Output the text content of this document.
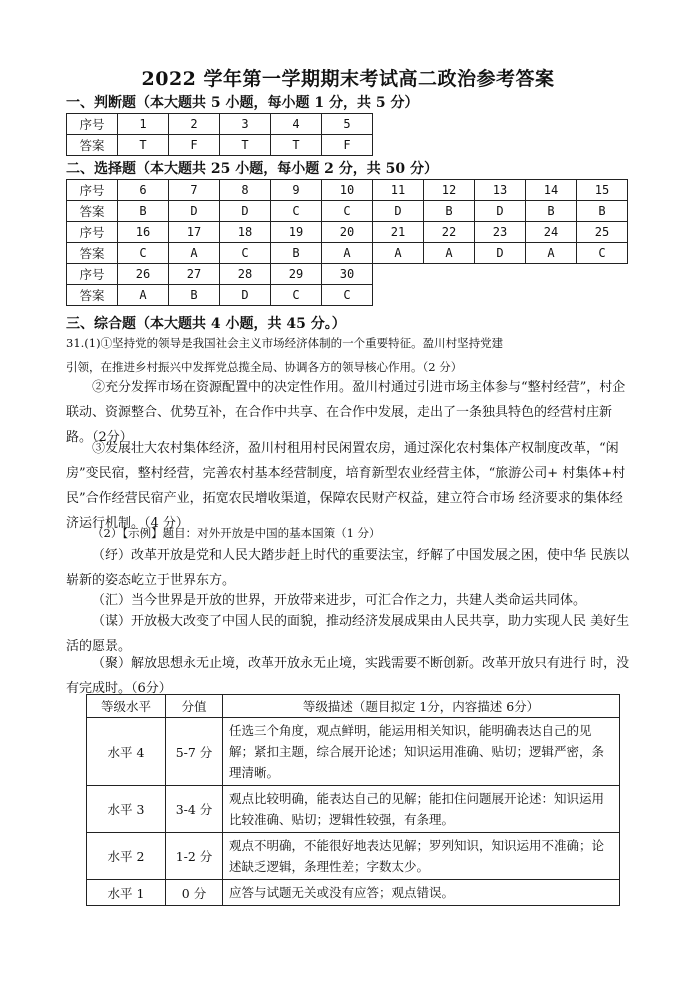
2022 学年第一学期期末考试高二政治参考答案
一、判断题（本大题共 5 小题，每小题 1 分，共 5 分）
序号	1	2	3	4	5
答案	T	F	T	T	F
二、选择题（本大题共 25 小题，每小题 2 分，共 50 分）
序号	6	7	8	9	10	11	12	13	14	15
答案	B	D	D	C	C	D	B	D	B	B
序号	16	17	18	19	20	21	22	23	24	25
答案	C	A	C	B	A	A	A	D	A	C
序号	26	27	28	29	30					
答案	A	B	D	C	C					
三、综合题（本大题共 4 小题，共 45 分。）
31.(1)①坚持党的领导是我国社会主义市场经济体制的一个重要特征。盈川村坚持党建
引领，在推进乡村振兴中发挥党总揽全局、协调各方的领导核心作用。（2 分）
②充分发挥市场在资源配置中的决定性作用。盈川村通过引进市场主体参与“整村经营”，村企联动、资源整合、优势互补，在合作中共享、在合作中发展，走出了一条独具特色的经营村庄新路。（2分）
③发展壮大农村集体经济，盈川村租用村民闲置农房，通过深化农村集体产权制度改革，“闲房”变民宿，整村经营，完善农村基本经营制度，培育新型农业经营主体，“旅游公司+ 村集体+村民”合作经营民宿产业，拓宽农民增收渠道，保障农民财产权益，建立符合市场 经济要求的集体经济运行机制。（4 分）
（2）【示例】题目：对外开放是中国的基本国策（1 分）
（纾）改革开放是党和人民大踏步赶上时代的重要法宝，纾解了中国发展之困，使中华 民族以崭新的姿态屹立于世界东方。
（汇）当今世界是开放的世界，开放带来进步，可汇合作之力，共建人类命运共同体。
（谋）开放极大改变了中国人民的面貌，推动经济发展成果由人民共享，助力实现人民 美好生活的愿景。
（聚）解放思想永无止境，改革开放永无止境，实践需要不断创新。改革开放只有进行 时，没有完成时。（6分）
等级水平	分值	等级描述（题目拟定 1分，内容描述 6分）
水平 4	5-7 分	任选三个角度，观点鲜明，能运用相关知识，能明确表达自己的见解；紧扣主题，综合展开论述；知识运用准确、贴切；逻辑严密，条理清晰。
水平 3	3-4 分	观点比较明确，能表达自己的见解；能扣住问题展开论述：知识运用比较准确、贴切；逻辑性较强，有条理。
水平 2	1-2 分	观点不明确，不能很好地表达见解；罗列知识，知识运用不准确；论述缺乏逻辑，条理性差；字数太少。
水平 1	0 分	应答与试题无关或没有应答；观点错误。
